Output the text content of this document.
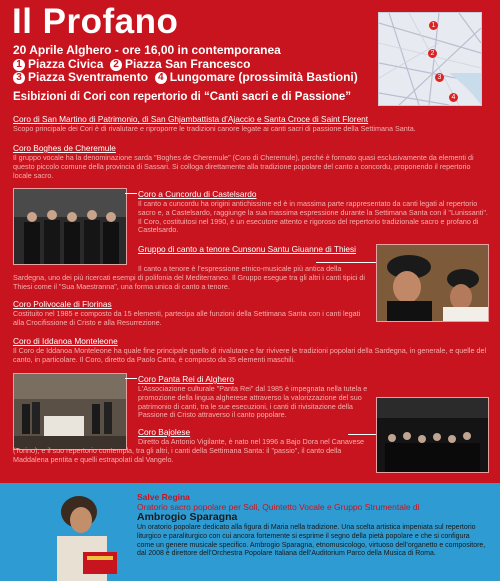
Il Profano
20 Aprile Alghero - ore 16,00 in contemporanea
1 Piazza Civica 2 Piazza San Francesco
3 Piazza Sventramento 4 Lungomare (prossimità Bastioni)
Esibizioni di Cori con repertorio di “Canti sacri e di Passione”
1
2
3
4
Coro di San Martino di Patrimonio, di San Ghjambattista d’Ajaccio e Santa Croce di Saint Florent

Scopo principale dei Cori è di rivalutare e riproporre le tradizioni canore legate ai canti sacri di passione della Settimana Santa.

Coro Boghes de Cheremule

Il gruppo vocale ha la denominazione sarda "Boghes de Cheremule" (Coro di Cheremule), perché è formato quasi esclusivamente da elementi di questo piccolo comune della provincia di Sassari. Si colloga direttamente alla tradizione popolare del canto a concordu, proponendo il repertorio locale sacro.

Coro a Cuncordu di Castelsardo

Il canto a cuncordu ha origini antichissime ed è in massima parte rappresentato da canti legati al repertorio sacro e, a Castelsardo, raggiunge la sua massima espressione durante la Settimana Santa con il "Lunissanti". Il Coro, costituitosi nel 1990, è un esecutore attento e rigoroso del repertorio tradizionale sacro e profano di Castelsardo.

Gruppo di canto a tenore Cunsonu Santu Giuanne di Thiesi

Il canto a tenore è l’espressione etnico-musicale più antica della Sardegna, uno dei più ricercati esempi di polifonia del Mediterraneo. Il Gruppo esegue tra gli altri i canti tipici di Thiesi come il "Sua Maestranna", una forma unica di canto a tenore.

Coro Polivocale di Florinas

Costituito nel 1985 e composto da 15 elementi, partecipa alle funzioni della Settimana Santa con i canti legati alla Crocifissione di Cristo e alla Resurrezione.

Coro di Iddanoa Monteleone

Il Coro de Iddanoa Monteleone ha quale fine principale quello di rivalutare e far rivivere le tradizioni popolari della Sardegna, in generale, e quelle del canto, in particolare. Il Coro, diretto da Paolo Carta, è composto da 35 elementi maschili.

Coro Panta Rei di Alghero

L’Associazione culturale "Panta Rei" dal 1985 è impegnata nella tutela e promozione della lingua algherese attraverso la valorizzazione del suo patrimonio di canti, tra le sue esecuzioni, i canti di rivisitazione della Passione di Cristo attraverso il canto popolare.

Coro Bajolese

Diretto da Antonio Vigilante, è nato nel 1996 a Bajo Dora nel Canavese (Torino), e il suo repertorio contempla, tra gli altri, i canti della Settimana Santa: il "passio", il canto della Maddalena pentita e quelli estrapolati dal Vangelo.

Salve Regina
Oratorio sacro popolare per Soli, Quintetto Vocale e Gruppo Strumentale di
Ambrogio Sparagna

Un oratorio popolare dedicato alla figura di Maria nella tradizione. Una scelta artistica impeniata sul repertorio liturgico e paraliturgico con cui ancora fortemente si esprime il segno della pietà popolare e che si configura come un genere musicale specifico. Ambrogio Sparagna, etnomusicologo, virtuoso dell’organetto e compositore, dal 2008 è direttore dell’Orchestra Popolare Italiana dell’Auditorium Parco della Musica di Roma.
